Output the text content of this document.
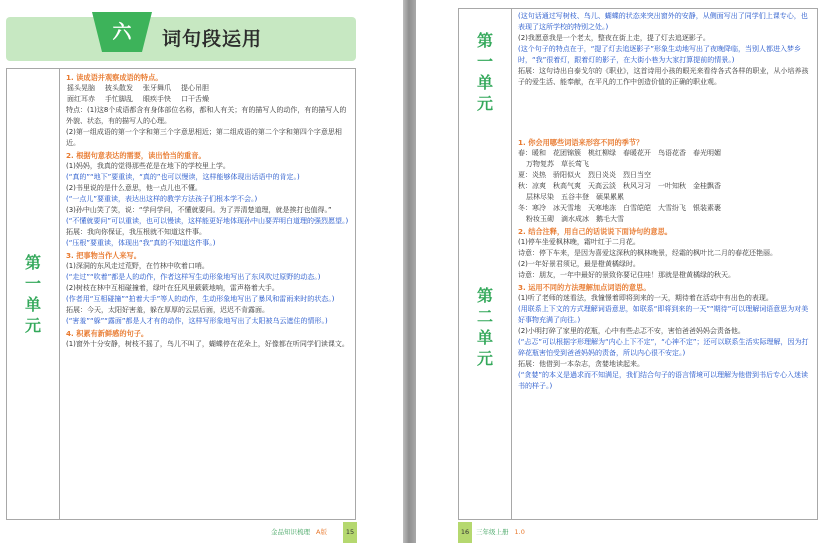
六	词句段运用
第一单元

1. 读成语并观察成语的特点。

摇头晃脑 披头散发 张牙舞爪 提心吊胆
面红耳赤 手忙脚乱 眼疾手快 口干舌燥

特点：(1)这8个成语都含有身体部位名称，都和人有关；有的描写人的动作，有的描写人的外貌、状态，有的描写人的心理。

(2)第一组成语的第一个字和第三个字意思相近；第二组成语的第二个字和第四个字意思相近。

2. 根据句意表达的需要，读出恰当的重音。

(1)妈妈，我真的觉得那些花是在地下的学校里上学。

(“真的”“地下”要重读，“真的”也可以慢读，这样能够体现出话语中的肯定。)

(2)书里说的是什么意思，他一点儿也不懂。

(“一点儿”要重读，表达出这样的教学方法孩子们根本学不会。)

(3)孙中山笑了笑，说：“学问学问，不懂就要问。为了弄清楚道理，就是挨打也值得。”

(“不懂就要问”可以重读，也可以慢读，这样能更好地体现孙中山要弄明白道理的强烈愿望。)

拓展：我向你保证，我压根就不知道这件事。

(“压根”要重读，体现出“我”真的不知道这件事。)

3. 把事物当作人来写。

(1)深洞的东风走过荒野，在竹林中吹着口哨。

(“走过”“吹着”都是人的动作，作者这样写生动形象地写出了东风吹过原野的动态。)

(2)树枝在林中互相碰撞着，绿叶在狂风里簌簌地响，雷声格着大手。

(作者用“互相碰撞”“拍着大手”等人的动作，生动形象地写出了暴风和雷雨来时的状态。)

拓展：今天，太阳好害羞，躲在厚厚的云层后面，迟迟不肯露面。

(“害羞”“躲”“露面”都是人才有的动作，这样写形象地写出了太阳被乌云遮住的情形。)

4. 积累有新鲜感的句子。

(1)窗外十分安静，树枝不摇了，鸟儿不叫了，蝴蝶停在花朵上，好像都在听同学们读课文。

金品知识梳理 A版	15
第一单元

(这句话通过写树枝、鸟儿、蝴蝶的状态来突出窗外的安静，从侧面写出了同学们上课专心，也表现了这所学校的特别之处。)

(2)我愿意我是一个老太，整夜在街上走，提了灯去追逐影子。

(这个句子的特点在于，“提了灯去追逐影子”形象生动地写出了夜晚降临，当别人都进入梦乡时，“我”很着灯，跟着灯的影子，在大街小巷为大家打算提前的情景。)

拓展：这句诗出自泰戈尔的《职业》，这首诗用小孩的眼光来看待各式各样的职业，从小培养孩子的爱生活、能奉献，在平凡的工作中创造价值的正确的职业观。

第二单元

1. 你会用哪些词语来形容不同的季节？

春：暖和　花团锦簇　桃红柳绿　春暖花开　鸟语花香　春光明媚

万物复苏　草长莺飞

夏：炎热　骄阳似火　烈日炎炎　烈日当空

秋：凉爽　秋高气爽　天高云淡　秋风习习　一叶知秋　金桂飘香

层林尽染　五谷丰登　硕果累累

冬：寒冷　冰天雪地　天寒地冻　白雪皑皑　大雪纷飞　银装素裹

粉妆玉砌　滴水成冰　鹅毛大雪

2. 结合注释，用自己的话说说下面诗句的意思。

(1)停车坐爱枫林晚，霜叶红于二月花。

诗意：停下车来，是因为喜爱这深秋的枫林晚景，经霜的枫叶比二月的春花还艳丽。

(2)一年好景君须记，最是橙黄橘绿时。

诗意：朋友，一年中最好的景致你要记住哇！那就是橙黄橘绿的秋天。

3. 运用不同的方法理解加点词语的意思。

(1)听了老师的迷看法，我憧憬着即将到来的一天，期待着在活动中有出色的表现。

(用联系上下文的方式理解词语意思，如联系“即将到来的一天”“期待”可以理解词语意思为对美好事物充满了向往。)

(2)小明打碎了家里的花瓶，心中有些忐忑不安，害怕爸爸妈妈会责备他。

(“忐忑”可以根据字形理解为“内心上下不定”，“心神不定”；还可以联系生活实际理解，因为打碎花瓶害怕受到爸爸妈妈的责备，所以内心很不安定。)

拓展：他借到一本杂志，贪婪地读起来。

(“贪婪”的本义是過求而不知满足，我们结合句子的语言情境可以理解为他借到书后专心入迷读书的样子。)

16	三年级上册 1.0
